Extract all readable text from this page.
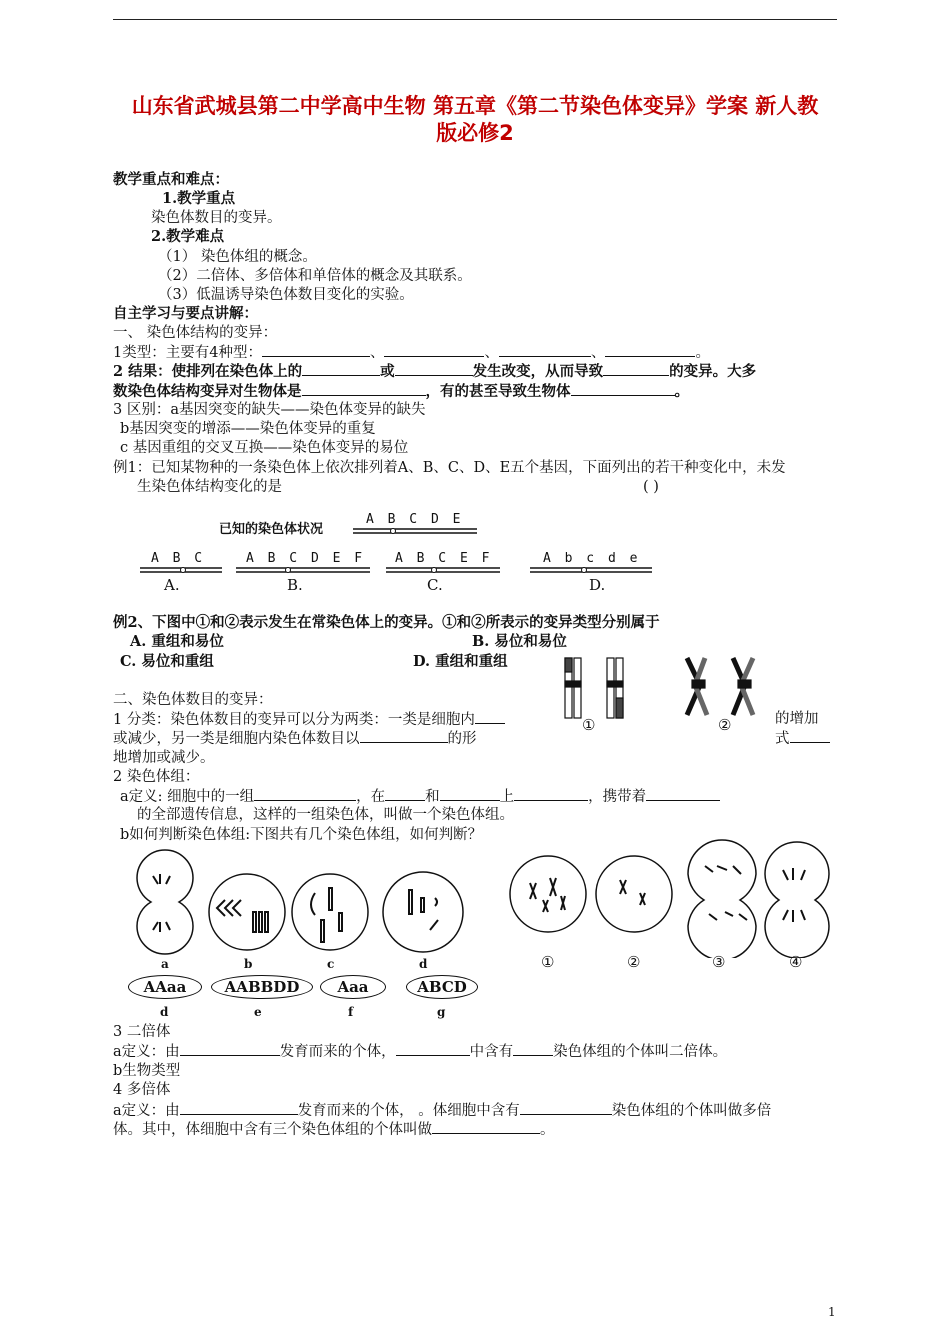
山东省武城县第二中学高中生物 第五章《第二节染色体变异》学案 新人教
版必修2
教学重点和难点：
1.教学重点
染色体数目的变异。
2.教学难点
（1） 染色体组的概念。
（2）二倍体、多倍体和单倍体的概念及其联系。
（3）低温诱导染色体数目变化的实验。
自主学习与要点讲解：
一、 染色体结构的变异：
1类型：主要有4种型：	、	、	、	。
2 结果：使排列在染色体上的	或	发生改变，从而导致	的变异。大多
数染色体结构变异对生物体是	，有的甚至导致生物体	。
3 区别：a基因突变的缺失——染色体变异的缺失
b基因突变的增添——染色体变异的重复
c 基因重组的交叉互换——染色体变异的易位
例1：已知某物种的一条染色体上依次排列着A、B、C、D、E五个基因，下面列出的若干种变化中，未发
生染色体结构变化的是	( )
已知的染色体状况
A B C D E
A B C	A B C D E F A B C E F	A b c d e
A.	B.	C.	D.
例2、下图中①和②表示发生在常染色体上的变异。①和②所表示的变异类型分别属于
A. 重组和易位	B. 易位和易位
C. 易位和重组	D. 重组和重组
①	②
二、染色体数目的变异：
1 分类：染色体数目的变异可以分为两类：一类是细胞内	的增加
或减少，另一类是细胞内染色体数目以	的形	式
地增加或减少。
2 染色体组：
a定义: 细胞中的一组	，在	和	上	，携带着
的全部遗传信息，这样的一组染色体，叫做一个染色体组。
b如何判断染色体组:下图共有几个染色体组，如何判断？
a	b	c	d	①	②	③	④
AAaa	AABBDD	Aaa	ABCD
d	e	f	g
3 二倍体
a定义：由	发育而来的个体，	中含有	染色体组的个体叫二倍体。
b生物类型
4 多倍体
a定义：由	发育而来的个体， 。体细胞中含有	染色体组的个体叫做多倍
体。其中，体细胞中含有三个染色体组的个体叫做	。
1
